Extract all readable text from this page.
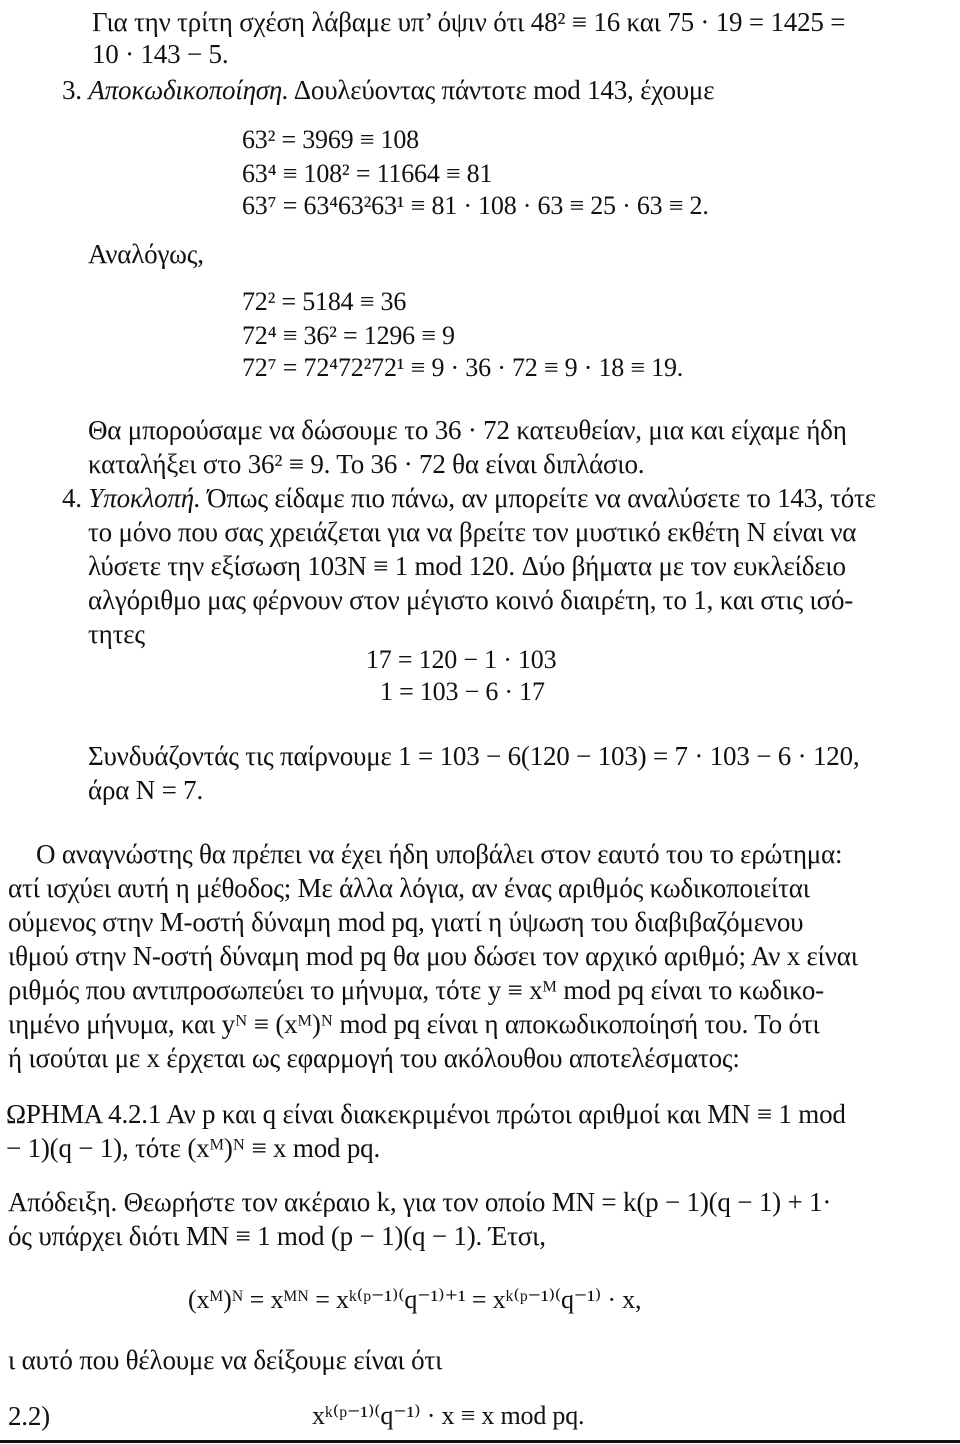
Για την τρίτη σχέση λάβαμε υπ’ όψιν ότι 48² ≡ 16 και 75 · 19 = 1425 =
10 · 143 − 5.
3. Αποκωδικοποίηση. Δουλεύοντας πάντοτε mod 143, έχουμε
63² = 3969 ≡ 108
63⁴ ≡ 108² = 11664 ≡ 81
63⁷ = 63⁴63²63¹ ≡ 81 · 108 · 63 ≡ 25 · 63 ≡ 2.
Αναλόγως,
72² = 5184 ≡ 36
72⁴ ≡ 36² = 1296 ≡ 9
72⁷ = 72⁴72²72¹ ≡ 9 · 36 · 72 ≡ 9 · 18 ≡ 19.
Θα μπορούσαμε να δώσουμε το 36 · 72 κατευθείαν, μια και είχαμε ήδη
καταλήξει στο 36² ≡ 9. Το 36 · 72 θα είναι διπλάσιο.
4. Υποκλοπή. Όπως είδαμε πιο πάνω, αν μπορείτε να αναλύσετε το 143, τότε
το μόνο που σας χρειάζεται για να βρείτε τον μυστικό εκθέτη N είναι να
λύσετε την εξίσωση 103N ≡ 1 mod 120. Δύο βήματα με τον ευκλείδειο
αλγόριθμο μας φέρνουν στον μέγιστο κοινό διαιρέτη, το 1, και στις ισό-
τητες
17 = 120 − 1 · 103
1 = 103 − 6 · 17
Συνδυάζοντάς τις παίρνουμε 1 = 103 − 6(120 − 103) = 7 · 103 − 6 · 120,
άρα N = 7.
Ο αναγνώστης θα πρέπει να έχει ήδη υποβάλει στον εαυτό του το ερώτημα:
ατί ισχύει αυτή η μέθοδος; Με άλλα λόγια, αν ένας αριθμός κωδικοποιείται
ούμενος στην M-οστή δύναμη mod pq, γιατί η ύψωση του διαβιβαζόμενου
ιθμού στην N-οστή δύναμη mod pq θα μου δώσει τον αρχικό αριθμό; Αν x είναι
ριθμός που αντιπροσωπεύει το μήνυμα, τότε y ≡ xᴹ mod pq είναι το κωδικο-
ιημένο μήνυμα, και yᴺ ≡ (xᴹ)ᴺ mod pq είναι η αποκωδικοποίησή του. Το ότι
ή ισούται με x έρχεται ως εφαρμογή του ακόλουθου αποτελέσματος:
ΩΡΗΜΑ 4.2.1 Αν p και q είναι διακεκριμένοι πρώτοι αριθμοί και MN ≡ 1 mod
− 1)(q − 1), τότε (xᴹ)ᴺ ≡ x mod pq.
Απόδειξη. Θεωρήστε τον ακέραιο k, για τον οποίο MN = k(p − 1)(q − 1) + 1·
ός υπάρχει διότι MN ≡ 1 mod (p − 1)(q − 1). Έτσι,
(xᴹ)ᴺ = xᴹᴺ = xᵏ⁽ᵖ⁻¹⁾⁽q⁻¹⁾⁺¹ = xᵏ⁽ᵖ⁻¹⁾⁽q⁻¹⁾ · x,
ι αυτό που θέλουμε να δείξουμε είναι ότι
2.2)	xᵏ⁽ᵖ⁻¹⁾⁽q⁻¹⁾ · x ≡ x mod pq.
